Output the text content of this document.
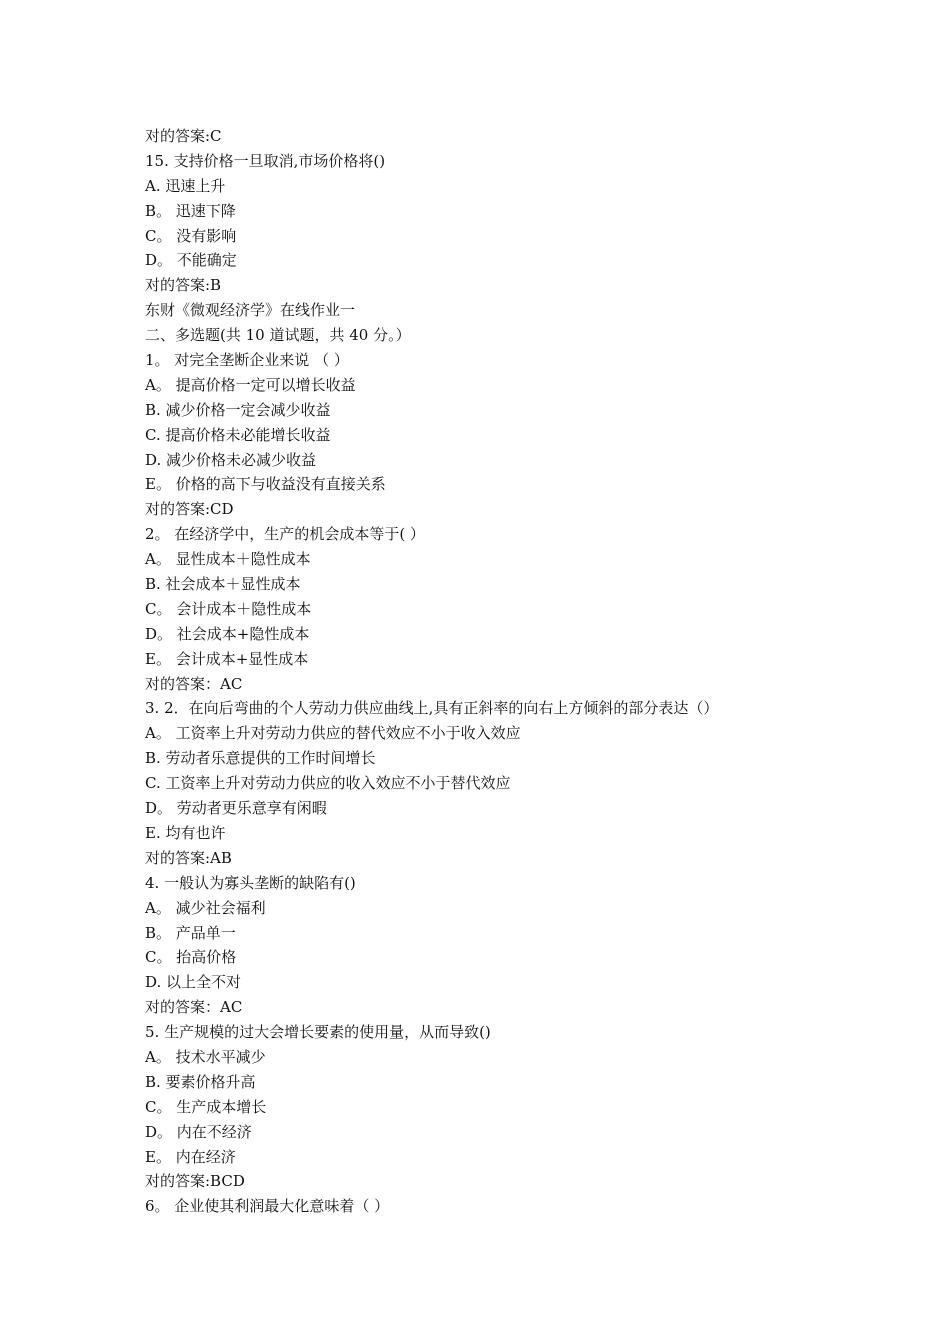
对的答案:C
15. 支持价格一旦取消,市场价格将()
A. 迅速上升
B。 迅速下降
C。 没有影响
D。 不能确定
对的答案:B
东财《微观经济学》在线作业一
二、多选题(共 10 道试题，共 40 分。）
1。 对完全垄断企业来说 （ ）
A。 提高价格一定可以增长收益
B. 减少价格一定会减少收益
C. 提高价格未必能增长收益
D. 减少价格未必减少收益
E。 价格的高下与收益没有直接关系
对的答案:CD
2。 在经济学中，生产的机会成本等于( ）
A。 显性成本＋隐性成本
B. 社会成本＋显性成本
C。 会计成本＋隐性成本
D。 社会成本+隐性成本
E。 会计成本+显性成本
对的答案：AC
3. 2．在向后弯曲的个人劳动力供应曲线上,具有正斜率的向右上方倾斜的部分表达（）
A。 工资率上升对劳动力供应的替代效应不小于收入效应
B. 劳动者乐意提供的工作时间增长
C. 工资率上升对劳动力供应的收入效应不小于替代效应
D。 劳动者更乐意享有闲暇
E. 均有也许
对的答案:AB
4. 一般认为寡头垄断的缺陷有()
A。 减少社会福利
B。 产品单一
C。 抬高价格
D. 以上全不对
对的答案：AC
5. 生产规模的过大会增长要素的使用量，从而导致()
A。 技术水平减少
B. 要素价格升高
C。 生产成本增长
D。 内在不经济
E。 内在经济
对的答案:BCD
6。 企业使其利润最大化意味着（ ）
